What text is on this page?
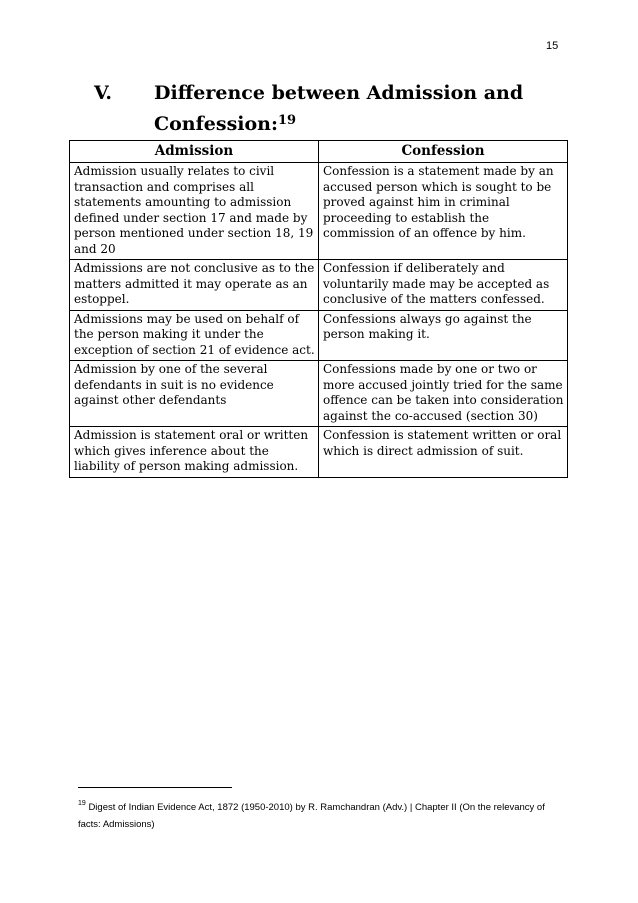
15
V. Difference between Admission and Confession:$^{19}$
Admission	Confession
Admission usually relates to civil transaction and comprises all statements amounting to admission defined under section 17 and made by person mentioned under section 18, 19 and 20	Confession is a statement made by an accused person which is sought to be proved against him in criminal proceeding to establish the commission of an offence by him.
Admissions are not conclusive as to the matters admitted it may operate as an estoppel.	Confession if deliberately and voluntarily made may be accepted as conclusive of the matters confessed.
Admissions may be used on behalf of the person making it under the exception of section 21 of evidence act.	Confessions always go against the person making it.
Admission by one of the several defendants in suit is no evidence against other defendants	Confessions made by one or two or more accused jointly tried for the same offence can be taken into consideration against the co-accused (section 30)
Admission is statement oral or written which gives inference about the liability of person making admission.	Confession is statement written or oral which is direct admission of suit.
$^{19}$ Digest of Indian Evidence Act, 1872 (1950-2010) by R. Ramchandran (Adv.) | Chapter II (On the relevancy of facts: Admissions)
